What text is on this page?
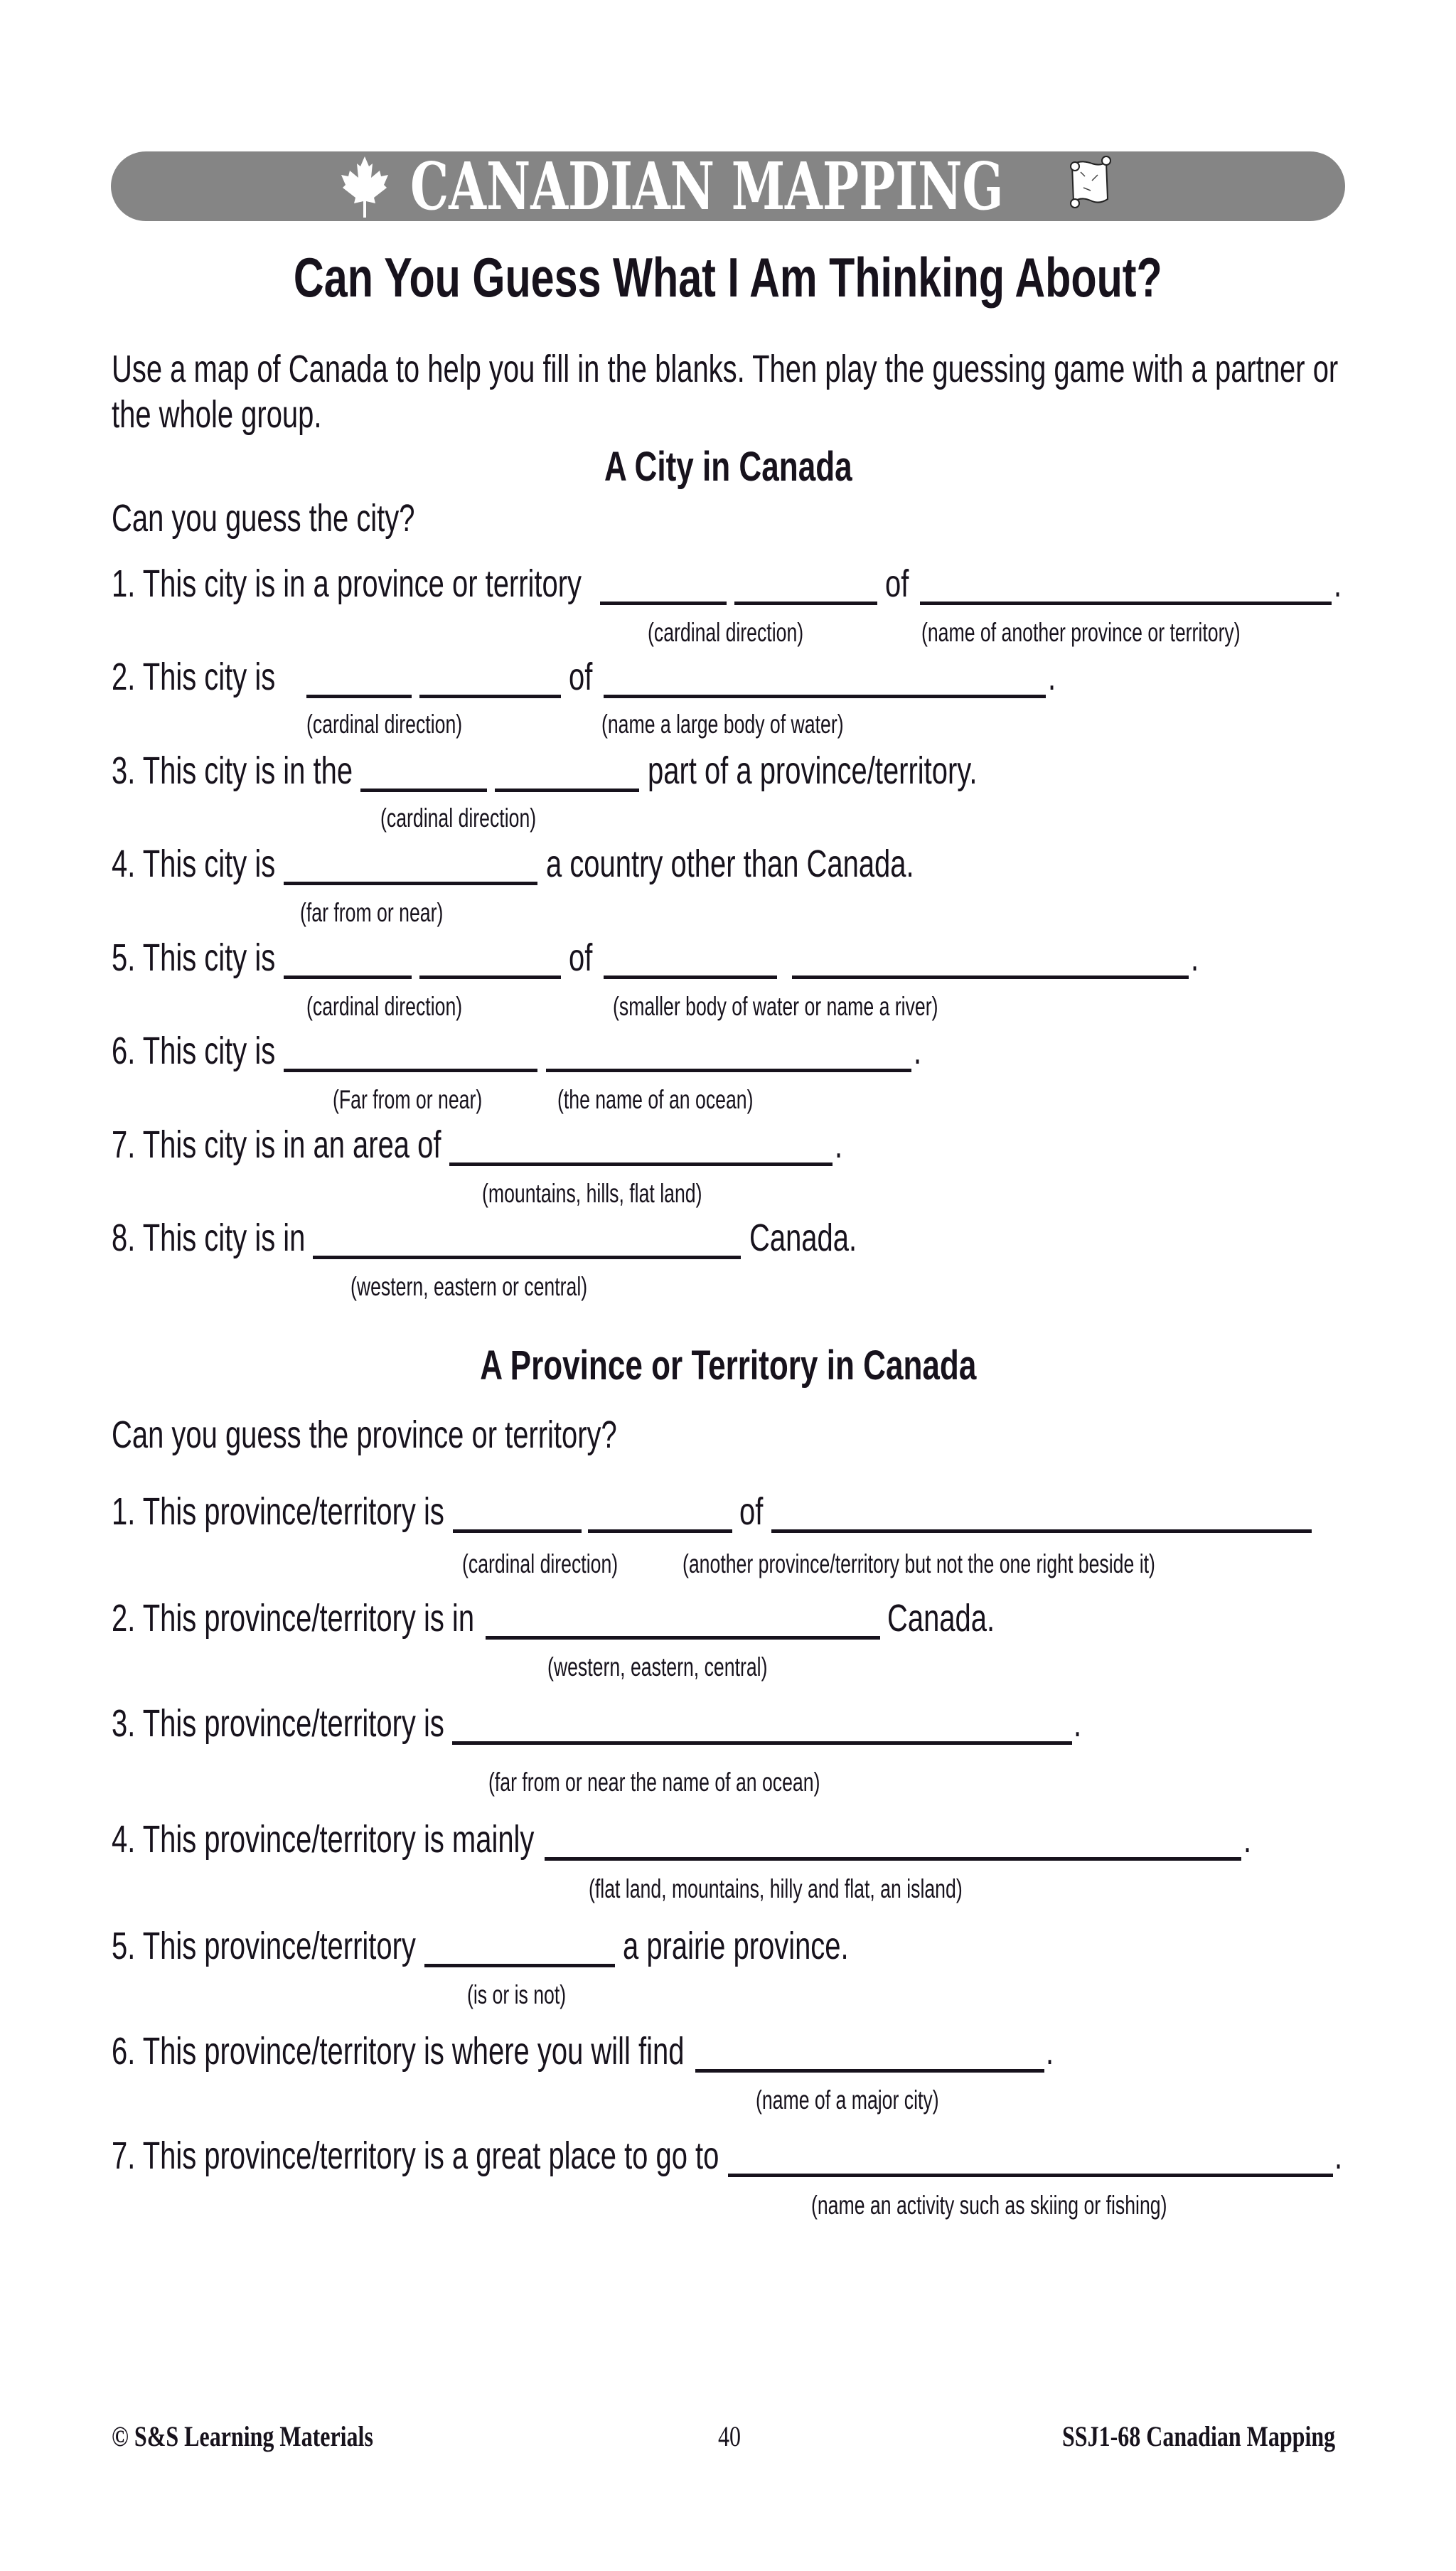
CANADIAN MAPPING
Can You Guess What I Am Thinking About?
Use a map of Canada to help you fill in the blanks. Then play the guessing game with a partner or
the whole group.
A City in Canada
Can you guess the city?
1. This city is in a province or territory	of	.
(cardinal direction)	(name of another province or territory)
2. This city is	of	.
(cardinal direction)	(name a large body of water)
3. This city is in the	part of a province/territory.
(cardinal direction)
4. This city is	a country other than Canada.
(far from or near)
5. This city is	of	.
(cardinal direction)	(smaller body of water or name a river)
6. This city is	.
(Far from or near)	(the name of an ocean)
7. This city is in an area of	.
(mountains, hills, flat land)
8. This city is in	Canada.
(western, eastern or central)
A Province or Territory in Canada
Can you guess the province or territory?
1. This province/territory is	of
(cardinal direction)	(another province/territory but not the one right beside it)
2. This province/territory is in	Canada.
(western, eastern, central)
3. This province/territory is	.
(far from or near the name of an ocean)
4. This province/territory is mainly	.
(flat land, mountains, hilly and flat, an island)
5. This province/territory	a prairie province.
(is or is not)
6. This province/territory is where you will find	.
(name of a major city)
7. This province/territory is a great place to go to	.
(name an activity such as skiing or fishing)
© S&S Learning Materials	40	SSJ1-68 Canadian Mapping
